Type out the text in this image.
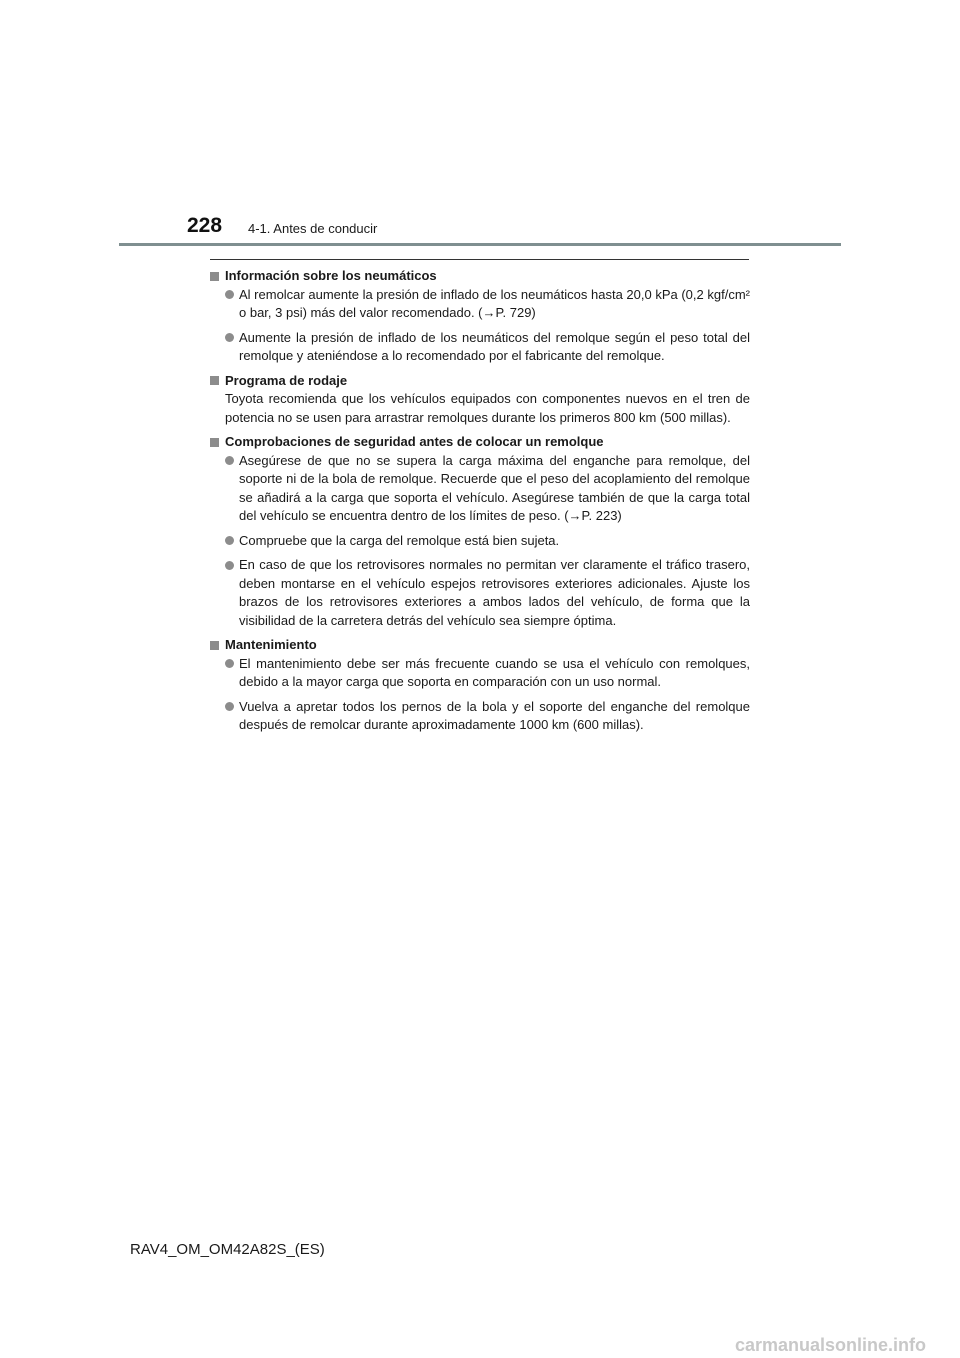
228 4-1. Antes de conducir
Información sobre los neumáticos
Al remolcar aumente la presión de inflado de los neumáticos hasta 20,0 kPa (0,2 kgf/cm² o bar, 3 psi) más del valor recomendado. (→P. 729)
Aumente la presión de inflado de los neumáticos del remolque según el peso total del remolque y ateniéndose a lo recomendado por el fabricante del remolque.
Programa de rodaje
Toyota recomienda que los vehículos equipados con componentes nuevos en el tren de potencia no se usen para arrastrar remolques durante los primeros 800 km (500 millas).
Comprobaciones de seguridad antes de colocar un remolque
Asegúrese de que no se supera la carga máxima del enganche para remolque, del soporte ni de la bola de remolque. Recuerde que el peso del acoplamiento del remolque se añadirá a la carga que soporta el vehículo. Asegúrese también de que la carga total del vehículo se encuentra dentro de los límites de peso. (→P. 223)
Compruebe que la carga del remolque está bien sujeta.
En caso de que los retrovisores normales no permitan ver claramente el tráfico trasero, deben montarse en el vehículo espejos retrovisores exteriores adicionales. Ajuste los brazos de los retrovisores exteriores a ambos lados del vehículo, de forma que la visibilidad de la carretera detrás del vehículo sea siempre óptima.
Mantenimiento
El mantenimiento debe ser más frecuente cuando se usa el vehículo con remolques, debido a la mayor carga que soporta en comparación con un uso normal.
Vuelva a apretar todos los pernos de la bola y el soporte del enganche del remolque después de remolcar durante aproximadamente 1000 km (600 millas).
RAV4_OM_OM42A82S_(ES)
carmanualsonline.info
